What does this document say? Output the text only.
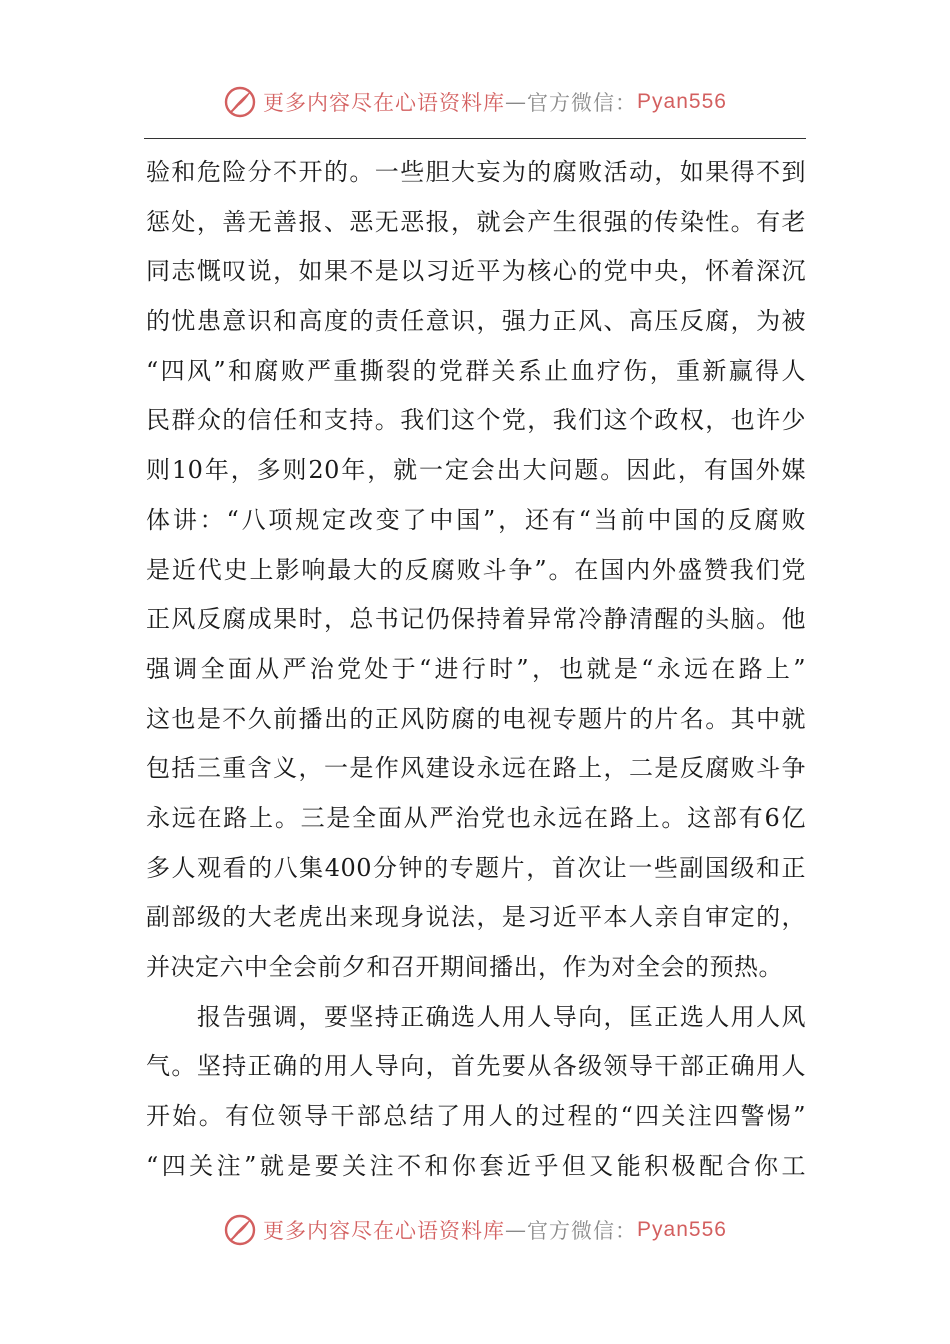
更多内容尽在心语资料库 — 官方微信： Pyan556
验和危险分不开的。一些胆大妄为的腐败活动，如果得不到
惩处，善无善报、恶无恶报，就会产生很强的传染性。有老
同志慨叹说，如果不是以习近平为核心的党中央，怀着深沉
的忧患意识和高度的责任意识，强力正风、高压反腐，为被
“四风”和腐败严重撕裂的党群关系止血疗伤，重新赢得人
民群众的信任和支持。我们这个党，我们这个政权，也许少
则10年，多则20年，就一定会出大问题。因此，有国外媒
体讲：“八项规定改变了中国”，还有“当前中国的反腐败
是近代史上影响最大的反腐败斗争”。在国内外盛赞我们党
正风反腐成果时，总书记仍保持着异常冷静清醒的头脑。他
强调全面从严治党处于“进行时”，也就是“永远在路上”
这也是不久前播出的正风防腐的电视专题片的片名。其中就
包括三重含义，一是作风建设永远在路上，二是反腐败斗争
永远在路上。三是全面从严治党也永远在路上。这部有6亿
多人观看的八集400分钟的专题片，首次让一些副国级和正
副部级的大老虎出来现身说法，是习近平本人亲自审定的，
并决定六中全会前夕和召开期间播出，作为对全会的预热。
　　报告强调，要坚持正确选人用人导向，匡正选人用人风
气。坚持正确的用人导向，首先要从各级领导干部正确用人
开始。有位领导干部总结了用人的过程的“四关注四警惕”
“四关注”就是要关注不和你套近乎但又能积极配合你工
更多内容尽在心语资料库 — 官方微信： Pyan556
